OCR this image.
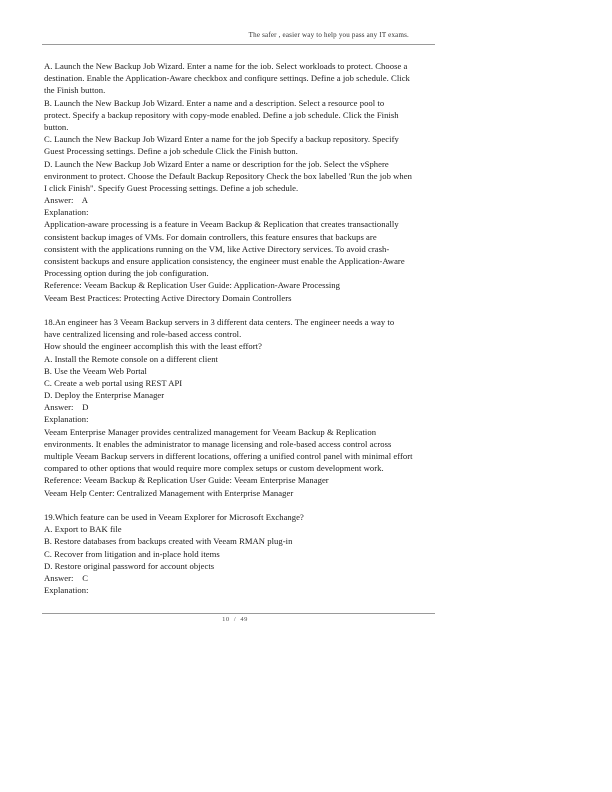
The safer , easier way to help you pass any IT exams.
A. Launch the New Backup Job Wizard. Enter a name for the iob. Select workloads to protect. Choose a
destination. Enable the Application-Aware checkbox and confiqure settinqs. Define a job schedule. Click
the Finish button.
B. Launch the New Backup Job Wizard. Enter a name and a description. Select a resource pool to
protect. Specify a backup repository with copy-mode enabled. Define a job schedule. Click the Finish
button.
C. Launch the New Backup Job Wizard Enter a name for the job Specify a backup repository. Specify
Guest Processing settings. Define a job schedule Click the Finish button.
D. Launch the New Backup Job Wizard Enter a name or description for the job. Select the vSphere
environment to protect. Choose the Default Backup Repository Check the box labelled 'Run the job when
I click Finish". Specify Guest Processing settings. Define a job schedule.
Answer:    A
Explanation:
Application-aware processing is a feature in Veeam Backup & Replication that creates transactionally
consistent backup images of VMs. For domain controllers, this feature ensures that backups are
consistent with the applications running on the VM, like Active Directory services. To avoid crash-
consistent backups and ensure application consistency, the engineer must enable the Application-Aware
Processing option during the job configuration.
Reference: Veeam Backup & Replication User Guide: Application-Aware Processing
Veeam Best Practices: Protecting Active Directory Domain Controllers
18.An engineer has 3 Veeam Backup servers in 3 different data centers. The engineer needs a way to
have centralized licensing and role-based access control.
How should the engineer accomplish this with the least effort?
A. Install the Remote console on a different client
B. Use the Veeam Web Portal
C. Create a web portal using REST API
D. Deploy the Enterprise Manager
Answer:    D
Explanation:
Veeam Enterprise Manager provides centralized management for Veeam Backup & Replication
environments. It enables the administrator to manage licensing and role-based access control across
multiple Veeam Backup servers in different locations, offering a unified control panel with minimal effort
compared to other options that would require more complex setups or custom development work.
Reference: Veeam Backup & Replication User Guide: Veeam Enterprise Manager
Veeam Help Center: Centralized Management with Enterprise Manager
19.Which feature can be used in Veeam Explorer for Microsoft Exchange?
A. Export to BAK file
B. Restore databases from backups created with Veeam RMAN plug-in
C. Recover from litigation and in-place hold items
D. Restore original password for account objects
Answer:    C
Explanation:
10  /  49
